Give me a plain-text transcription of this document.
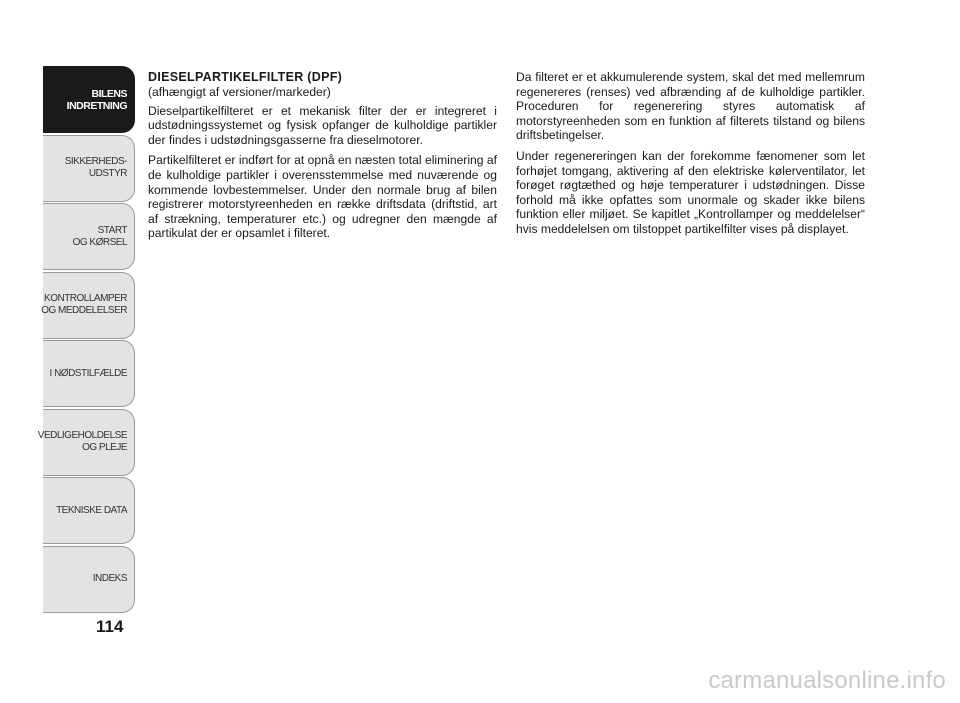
BILENS
INDRETNING
SIKKERHEDS-
UDSTYR
START
OG KØRSEL
KONTROLLAMPER
OG MEDDELELSER
I NØDSTILFÆLDE
VEDLIGEHOLDELSE
OG PLEJE
TEKNISKE DATA
INDEKS
114
DIESELPARTIKELFILTER (DPF)
(afhængigt af versioner/markeder)

Dieselpartikelfilteret er et mekanisk filter der er integreret i udstødningssystemet og fysisk opfanger de kulholdige partikler der findes i udstødningsgasserne fra dieselmotorer.

Partikelfilteret er indført for at opnå en næsten total eliminering af de kulholdige partikler i overensstemmelse med nuværende og kommende lovbestemmelser. Under den normale brug af bilen registrerer motorstyreenheden en række driftsdata (driftstid, art af strækning, temperaturer etc.) og udregner den mængde af partikulat der er opsamlet i filteret.

Da filteret er et akkumulerende system, skal det med mellemrum regenereres (renses) ved afbrænding af de kulholdige partikler. Proceduren for regenerering styres automatisk af motorstyreenheden som en funktion af filterets tilstand og bilens driftsbetingelser.

Under regenereringen kan der forekomme fænomener som let forhøjet tomgang, aktivering af den elektriske kølerventilator, let forøget røgtæthed og høje temperaturer i udstødningen. Disse forhold må ikke opfattes som unormale og skader ikke bilens funktion eller miljøet. Se kapitlet „Kontrollamper og meddelelser“ hvis meddelelsen om tilstoppet partikelfilter vises på displayet.

carmanualsonline.info
